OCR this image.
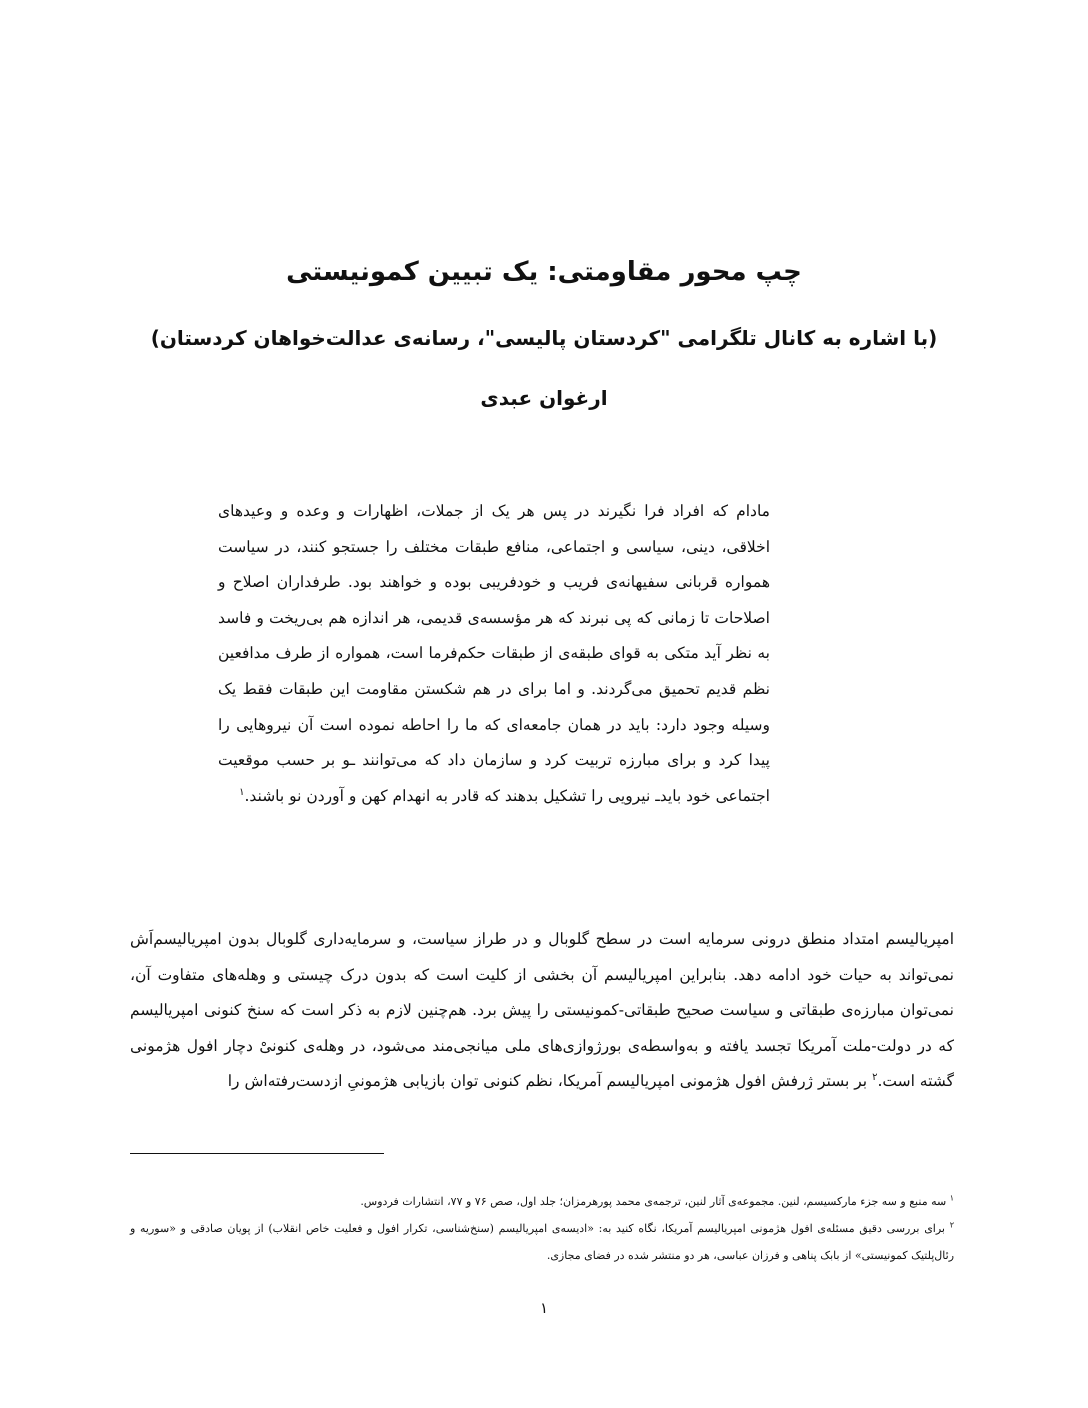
چپ محور مقاومتی: یک تبیین کمونیستی
(با اشاره به کانال تلگرامی "کردستان پالیسی"، رسانه‌ی عدالت‌خواهان کردستان)
ارغوان عبدی
مادام که افراد فرا نگیرند در پس هر یک از جملات، اظهارات و وعده و وعیدهای اخلاقی، دینی، سیاسی و اجتماعی، منافع طبقات مختلف را جستجو کنند، در سیاست همواره قربانی سفیهانه‌ی فریب و خودفریبی بوده و خواهند بود. طرفداران اصلاح و اصلاحات تا زمانی که پی نبرند که هر مؤسسه‌ی قدیمی، هر اندازه هم بی‌ریخت و فاسد به نظر آید متکی به قوای طبقه‌ی از طبقات حکم‌فرما است، همواره از طرف مدافعین نظم قدیم تحمیق می‌گردند. و اما برای در هم شکستن مقاومت این طبقات فقط یک وسیله وجود دارد: باید در همان جامعه‌ای که ما را احاطه نموده است آن نیروهایی را پیدا کرد و برای مبارزه تربیت کرد و سازمان داد که می‌توانند ـو بر حسب موقعیت اجتماعی خود بایدـ نیرویی را تشکیل بدهند که قادر به انهدام کهن و آوردن نو باشند.$^۱$
امپریالیسم امتداد منطق درونی سرمایه است در سطح گلوبال و در طراز سیاست، و سرمایه‌داری گلوبال بدون امپریالیسم‌اَش نمی‌تواند به حیات خود ادامه دهد. بنابراین امپریالیسم آن بخشی از کلیت است که بدون درک چیستی و وهله‌های متفاوت آن، نمی‌توان مبارزه‌ی طبقاتی و سیاست صحیح طبقاتی-کمونیستی را پیش برد. هم‌چنین لازم به ذکر است که سنخ کنونی امپریالیسم که در دولت-ملت آمریکا تجسد یافته و به‌واسطه‌ی بورژوازی‌های ملی میانجی‌مند می‌شود، در وهله‌ی کنونیْ دچار افول هژمونی گشته است.$^۲$ بر بستر ژرفش افول هژمونی امپریالیسم آمریکا، نظم کنونی توان بازیابی هژمونیِ ازدست‌رفته‌اش را

$^۱$ سه منبع و سه جزء مارکسیسم، لنین. مجموعه‌ی آثار لنین، ترجمه‌ی محمد پورهرمزان؛ جلد اول، صص ۷۶ و ۷۷، انتشارات فردوس.

$^۲$ برای بررسی دقیق مسئله‌ی افول هژمونی امپریالیسم آمریکا، نگاه کنید به: «ادیسه‌ی امپریالیسم (سنخ‌شناسی، تکرار افول و فعلیت خاص انقلاب) از پویان صادقی و «سوریه و رئال‌پلتیک کمونیستی» از بابک پناهی و فرزان عباسی، هر دو منتشر شده در فضای مجازی.

۱
